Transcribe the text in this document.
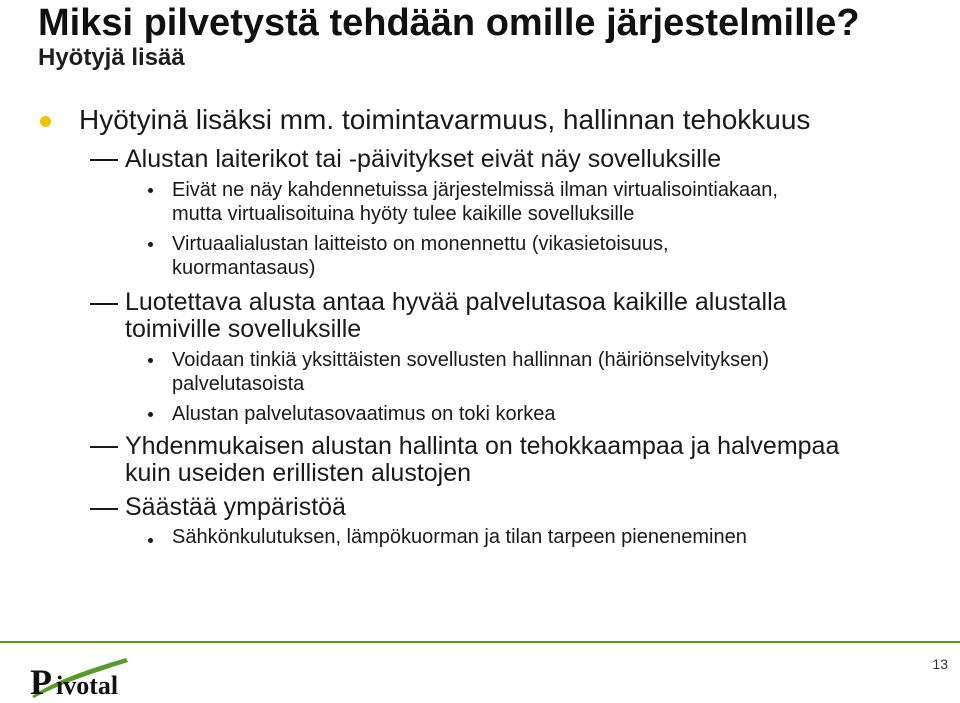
Miksi pilvetystä tehdään omille järjestelmille?
Hyötyjä lisää
Hyötyinä lisäksi mm. toimintavarmuus, hallinnan tehokkuus
Alustan laiterikot tai -päivitykset eivät näy sovelluksille
Eivät ne näy kahdennetuissa järjestelmissä ilman virtualisointiakaan,
mutta virtualisoituina hyöty tulee kaikille sovelluksille
Virtuaalialustan laitteisto on monennettu (vikasietoisuus,
kuormantasaus)
Luotettava alusta antaa hyvää palvelutasoa kaikille alustalla
toimiville sovelluksille
Voidaan tinkiä yksittäisten sovellusten hallinnan (häiriönselvityksen)
palvelutasoista
Alustan palvelutasovaatimus on toki korkea
Yhdenmukaisen alustan hallinta on tehokkaampaa ja halvempaa
kuin useiden erillisten alustojen
Säästää ympäristöä
Sähkönkulutuksen, lämpökuorman ja tilan tarpeen pieneneminen
P ivotal
13
